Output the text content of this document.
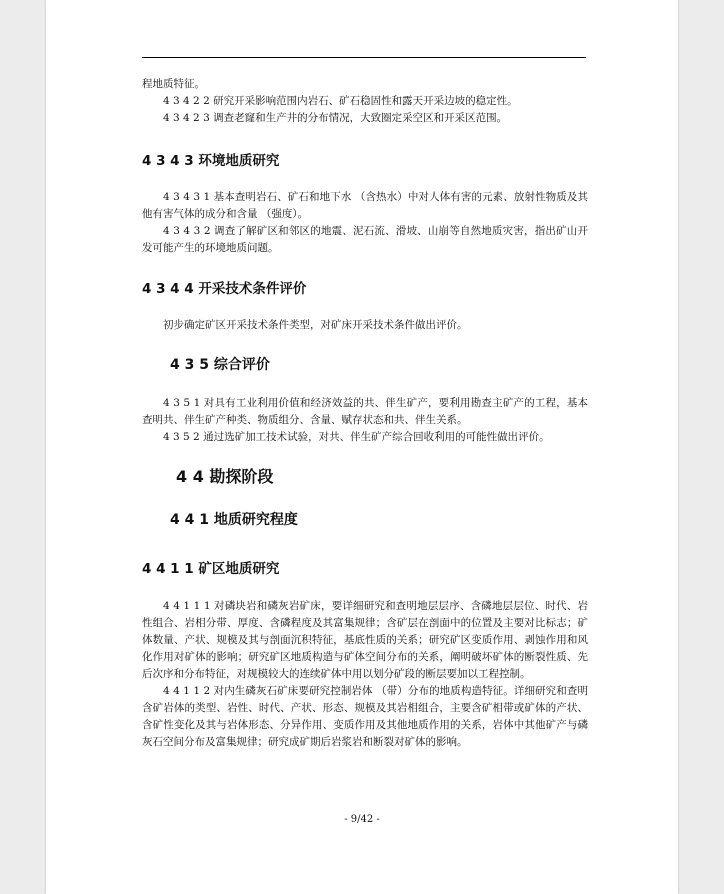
程地质特征。

4 3 4 2 2 研究开采影响范围内岩石、矿石稳固性和露天开采边坡的稳定性。

4 3 4 2 3 调查老窿和生产井的分布情况，大致圈定采空区和开采区范围。

4 3 4 3 环境地质研究

4 3 4 3 1 基本查明岩石、矿石和地下水 （含热水）中对人体有害的元素、放射性物质及其他有害气体的成分和含量 （强度）。

4 3 4 3 2 调查了解矿区和邻区的地震、泥石流、滑坡、山崩等自然地质灾害，指出矿山开发可能产生的环境地质问题。

4 3 4 4 开采技术条件评价

初步确定矿区开采技术条件类型，对矿床开采技术条件做出评价。

4 3 5 综合评价

4 3 5 1 对具有工业利用价值和经济效益的共、伴生矿产，要利用勘查主矿产的工程，基本查明共、伴生矿产种类、物质组分、含量、赋存状态和共、伴生关系。

4 3 5 2 通过选矿加工技术试验，对共、伴生矿产综合回收利用的可能性做出评价。

4 4 勘探阶段
4 4 1 地质研究程度
4 4 1 1 矿区地质研究

4 4 1 1 1 对磷块岩和磷灰岩矿床，要详细研究和查明地层层序、含磷地层层位、时代、岩性组合、岩相分带、厚度、含磷程度及其富集规律；含矿层在剖面中的位置及主要对比标志；矿体数量、产状、规模及其与剖面沉积特征，基底性质的关系；研究矿区变质作用、剥蚀作用和风化作用对矿体的影响；研究矿区地质构造与矿体空间分布的关系，阐明破坏矿体的断裂性质、先后次序和分布特征，对规模较大的连续矿体中用以划分矿段的断层要加以工程控制。

4 4 1 1 2 对内生磷灰石矿床要研究控制岩体 （带）分布的地质构造特征。详细研究和查明含矿岩体的类型、岩性、时代、产状、形态、规模及其岩相组合，主要含矿相带或矿体的产状、含矿性变化及其与岩体形态、分异作用、变质作用及其他地质作用的关系，岩体中其他矿产与磷灰石空间分布及富集规律；研究成矿期后岩浆岩和断裂对矿体的影响。

- 9/42 -
